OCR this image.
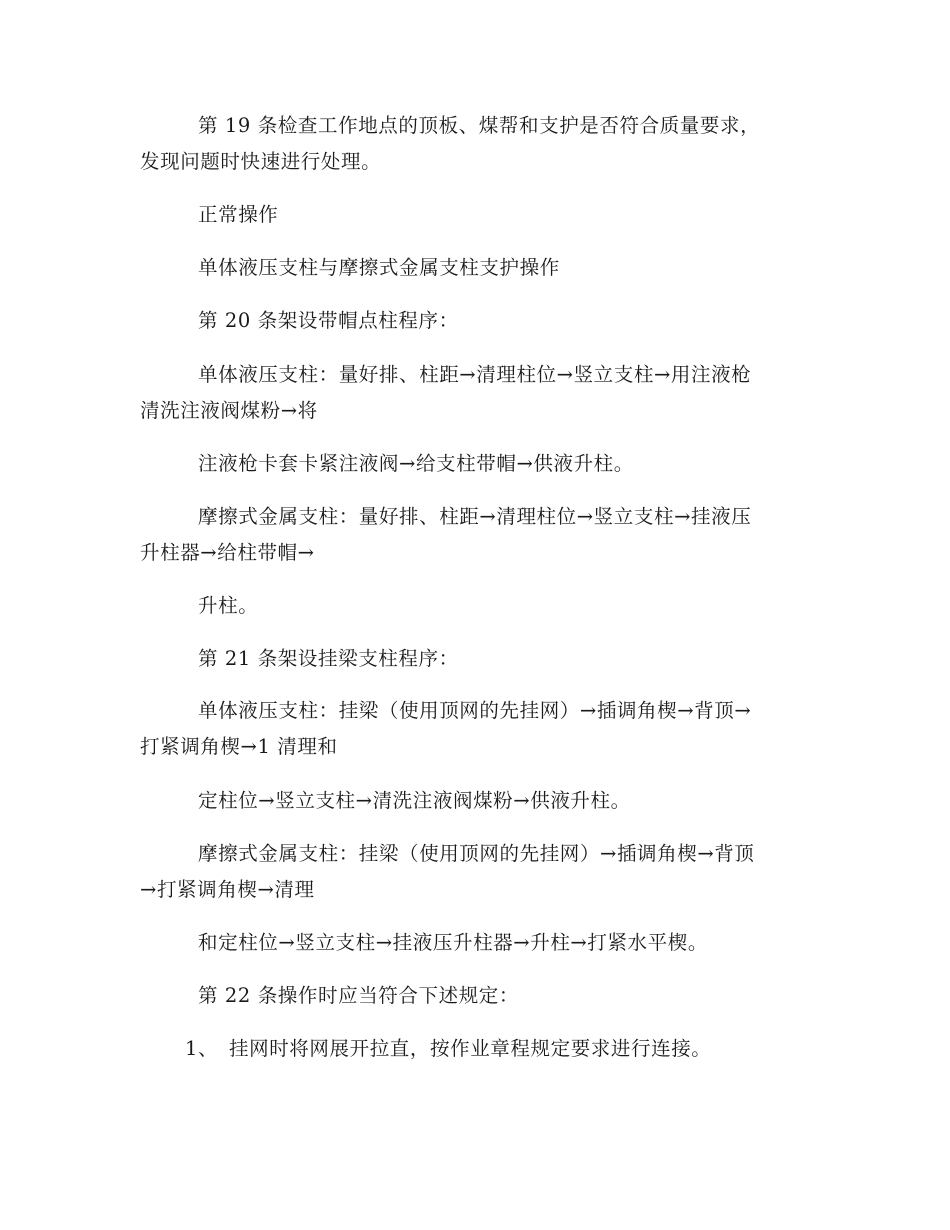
第 19 条检查工作地点的顶板、煤帮和支护是否符合质量要求，
发现问题时快速进行处理。

正常操作

单体液压支柱与摩擦式金属支柱支护操作

第 20 条架设带帽点柱程序：

单体液压支柱：量好排、柱距→清理柱位→竖立支柱→用注液枪
清洗注液阀煤粉→将

注液枪卡套卡紧注液阀→给支柱带帽→供液升柱。

摩擦式金属支柱：量好排、柱距→清理柱位→竖立支柱→挂液压
升柱器→给柱带帽→

升柱。

第 21 条架设挂梁支柱程序：

单体液压支柱：挂梁（使用顶网的先挂网）→插调角楔→背顶→
打紧调角楔→1 清理和

定柱位→竖立支柱→清洗注液阀煤粉→供液升柱。

摩擦式金属支柱：挂梁（使用顶网的先挂网）→插调角楔→背顶
→打紧调角楔→清理

和定柱位→竖立支柱→挂液压升柱器→升柱→打紧水平楔。

第 22 条操作时应当符合下述规定：

1、 挂网时将网展开拉直，按作业章程规定要求进行连接。
